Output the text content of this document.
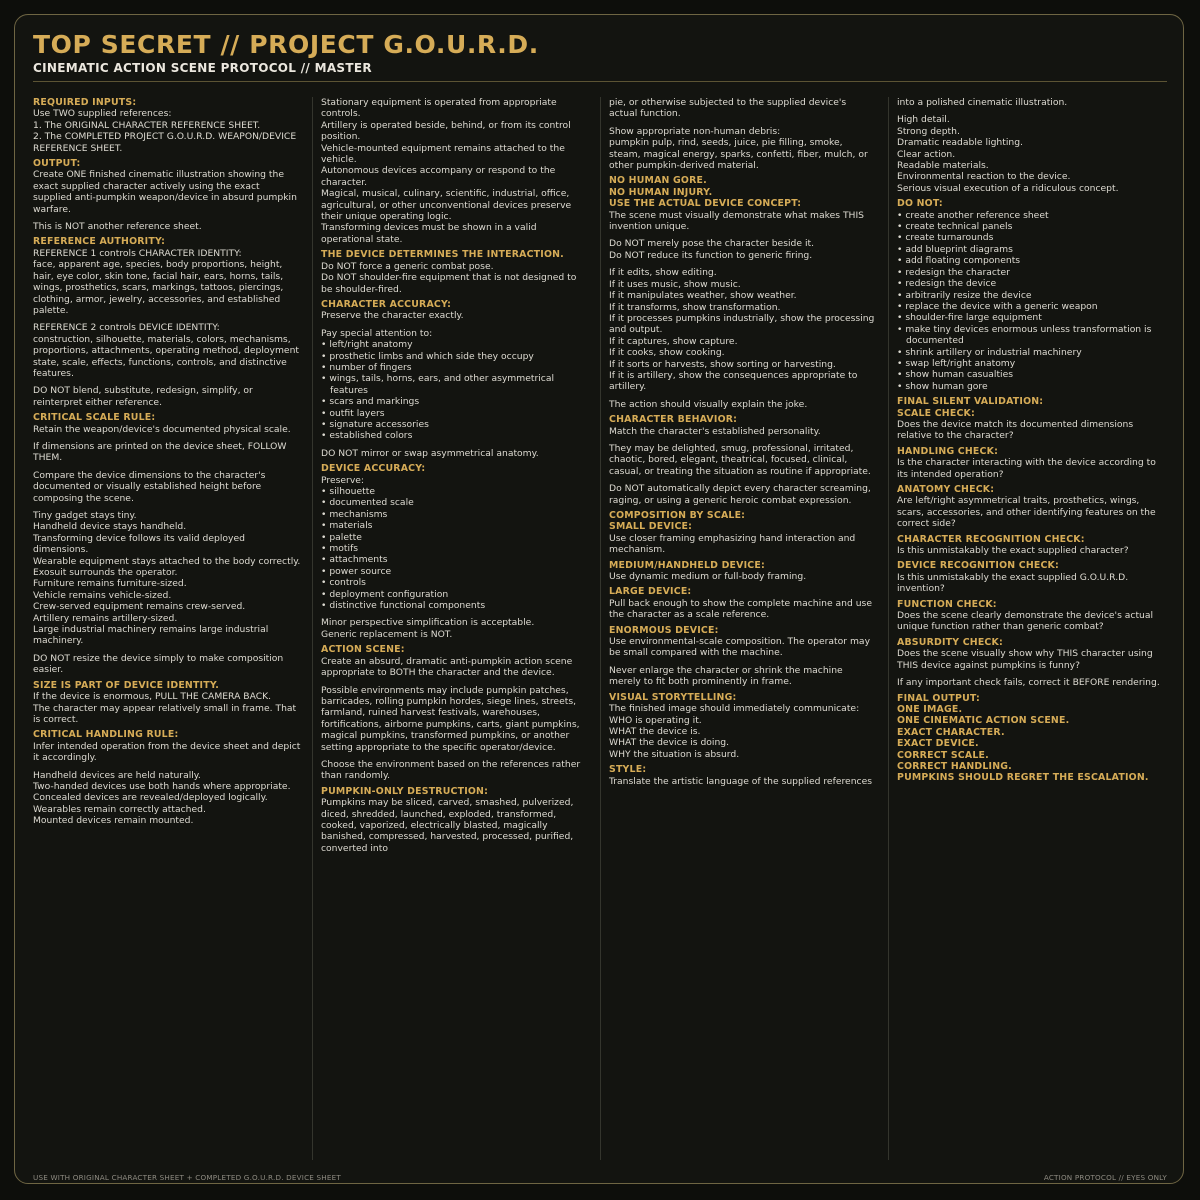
TOP SECRET // PROJECT G.O.U.R.D.
CINEMATIC ACTION SCENE PROTOCOL // MASTER
REQUIRED INPUTS:
Use TWO supplied references:
1. The ORIGINAL CHARACTER REFERENCE SHEET.
2. The COMPLETED PROJECT G.O.U.R.D. WEAPON/DEVICE REFERENCE SHEET.
OUTPUT:
Create ONE finished cinematic illustration showing the exact supplied character actively using the exact supplied anti-pumpkin weapon/device in absurd pumpkin warfare.
This is NOT another reference sheet.
REFERENCE AUTHORITY:
REFERENCE 1 controls CHARACTER IDENTITY:
face, apparent age, species, body proportions, height, hair, eye color, skin tone, facial hair, ears, horns, tails, wings, prosthetics, scars, markings, tattoos, piercings, clothing, armor, jewelry, accessories, and established palette.
REFERENCE 2 controls DEVICE IDENTITY:
construction, silhouette, materials, colors, mechanisms, proportions, attachments, operating method, deployment state, scale, effects, functions, controls, and distinctive features.
DO NOT blend, substitute, redesign, simplify, or reinterpret either reference.
CRITICAL SCALE RULE:
Retain the weapon/device's documented physical scale.
If dimensions are printed on the device sheet, FOLLOW THEM.
Compare the device dimensions to the character's documented or visually established height before composing the scene.
Tiny gadget stays tiny.
Handheld device stays handheld.
Transforming device follows its valid deployed dimensions.
Wearable equipment stays attached to the body correctly.
Exosuit surrounds the operator.
Furniture remains furniture-sized.
Vehicle remains vehicle-sized.
Crew-served equipment remains crew-served.
Artillery remains artillery-sized.
Large industrial machinery remains large industrial machinery.
DO NOT resize the device simply to make composition easier.
SIZE IS PART OF DEVICE IDENTITY.
If the device is enormous, PULL THE CAMERA BACK.
The character may appear relatively small in frame. That is correct.
CRITICAL HANDLING RULE:
Infer intended operation from the device sheet and depict it accordingly.
Handheld devices are held naturally.
Two-handed devices use both hands where appropriate.
Concealed devices are revealed/deployed logically.
Wearables remain correctly attached.
Mounted devices remain mounted.
Stationary equipment is operated from appropriate controls.
Artillery is operated beside, behind, or from its control position.
Vehicle-mounted equipment remains attached to the vehicle.
Autonomous devices accompany or respond to the character.
Magical, musical, culinary, scientific, industrial, office, agricultural, or other unconventional devices preserve their unique operating logic.
Transforming devices must be shown in a valid operational state.
THE DEVICE DETERMINES THE INTERACTION.
Do NOT force a generic combat pose.
Do NOT shoulder-fire equipment that is not designed to be shoulder-fired.
CHARACTER ACCURACY:
Preserve the character exactly.
Pay special attention to:
• left/right anatomy
• prosthetic limbs and which side they occupy
• number of fingers
• wings, tails, horns, ears, and other asymmetrical features
• scars and markings
• outfit layers
• signature accessories
• established colors
DO NOT mirror or swap asymmetrical anatomy.
DEVICE ACCURACY:
Preserve:
• silhouette
• documented scale
• mechanisms
• materials
• palette
• motifs
• attachments
• power source
• controls
• deployment configuration
• distinctive functional components
Minor perspective simplification is acceptable.
Generic replacement is NOT.
ACTION SCENE:
Create an absurd, dramatic anti-pumpkin action scene appropriate to BOTH the character and the device.
Possible environments may include pumpkin patches, barricades, rolling pumpkin hordes, siege lines, streets, farmland, ruined harvest festivals, warehouses, fortifications, airborne pumpkins, carts, giant pumpkins, magical pumpkins, transformed pumpkins, or another setting appropriate to the specific operator/device.
Choose the environment based on the references rather than randomly.
PUMPKIN-ONLY DESTRUCTION:
Pumpkins may be sliced, carved, smashed, pulverized, diced, shredded, launched, exploded, transformed, cooked, vaporized, electrically blasted, magically banished, compressed, harvested, processed, purified, converted into
pie, or otherwise subjected to the supplied device's actual function.
Show appropriate non-human debris:
pumpkin pulp, rind, seeds, juice, pie filling, smoke, steam, magical energy, sparks, confetti, fiber, mulch, or other pumpkin-derived material.
NO HUMAN GORE.
NO HUMAN INJURY.
USE THE ACTUAL DEVICE CONCEPT:
The scene must visually demonstrate what makes THIS invention unique.
Do NOT merely pose the character beside it.
Do NOT reduce its function to generic firing.
If it edits, show editing.
If it uses music, show music.
If it manipulates weather, show weather.
If it transforms, show transformation.
If it processes pumpkins industrially, show the processing and output.
If it captures, show capture.
If it cooks, show cooking.
If it sorts or harvests, show sorting or harvesting.
If it is artillery, show the consequences appropriate to artillery.
The action should visually explain the joke.
CHARACTER BEHAVIOR:
Match the character's established personality.
They may be delighted, smug, professional, irritated, chaotic, bored, elegant, theatrical, focused, clinical, casual, or treating the situation as routine if appropriate.
Do NOT automatically depict every character screaming, raging, or using a generic heroic combat expression.
COMPOSITION BY SCALE:
SMALL DEVICE:
Use closer framing emphasizing hand interaction and mechanism.
MEDIUM/HANDHELD DEVICE:
Use dynamic medium or full-body framing.
LARGE DEVICE:
Pull back enough to show the complete machine and use the character as a scale reference.
ENORMOUS DEVICE:
Use environmental-scale composition. The operator may be small compared with the machine.
Never enlarge the character or shrink the machine merely to fit both prominently in frame.
VISUAL STORYTELLING:
The finished image should immediately communicate:
WHO is operating it.
WHAT the device is.
WHAT the device is doing.
WHY the situation is absurd.
STYLE:
Translate the artistic language of the supplied references
into a polished cinematic illustration.
High detail.
Strong depth.
Dramatic readable lighting.
Clear action.
Readable materials.
Environmental reaction to the device.
Serious visual execution of a ridiculous concept.
DO NOT:
• create another reference sheet
• create technical panels
• create turnarounds
• add blueprint diagrams
• add floating components
• redesign the character
• redesign the device
• arbitrarily resize the device
• replace the device with a generic weapon
• shoulder-fire large equipment
• make tiny devices enormous unless transformation is documented
• shrink artillery or industrial machinery
• swap left/right anatomy
• show human casualties
• show human gore
FINAL SILENT VALIDATION:
SCALE CHECK:
Does the device match its documented dimensions relative to the character?
HANDLING CHECK:
Is the character interacting with the device according to its intended operation?
ANATOMY CHECK:
Are left/right asymmetrical traits, prosthetics, wings, scars, accessories, and other identifying features on the correct side?
CHARACTER RECOGNITION CHECK:
Is this unmistakably the exact supplied character?
DEVICE RECOGNITION CHECK:
Is this unmistakably the exact supplied G.O.U.R.D. invention?
FUNCTION CHECK:
Does the scene clearly demonstrate the device's actual unique function rather than generic combat?
ABSURDITY CHECK:
Does the scene visually show why THIS character using THIS device against pumpkins is funny?
If any important check fails, correct it BEFORE rendering.
FINAL OUTPUT:
ONE IMAGE.
ONE CINEMATIC ACTION SCENE.
EXACT CHARACTER.
EXACT DEVICE.
CORRECT SCALE.
CORRECT HANDLING.
PUMPKINS SHOULD REGRET THE ESCALATION.
USE WITH ORIGINAL CHARACTER SHEET + COMPLETED G.O.U.R.D. DEVICE SHEET	ACTION PROTOCOL // EYES ONLY
